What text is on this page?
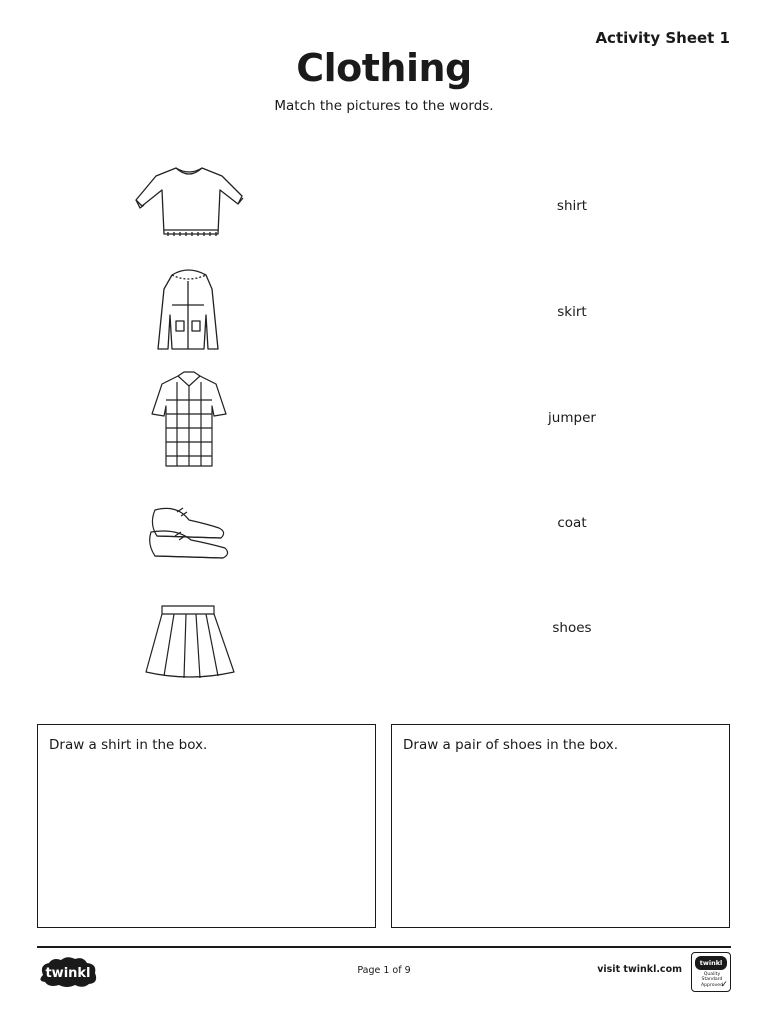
Activity Sheet 1
Clothing
Match the pictures to the words.
shirt
skirt
jumper
coat
shoes
Draw a shirt in the box.	Draw a pair of shoes in the box.
twinkl	Page 1 of 9	visit twinkl.com
twinkl
Quality Standard
Approved
✓
